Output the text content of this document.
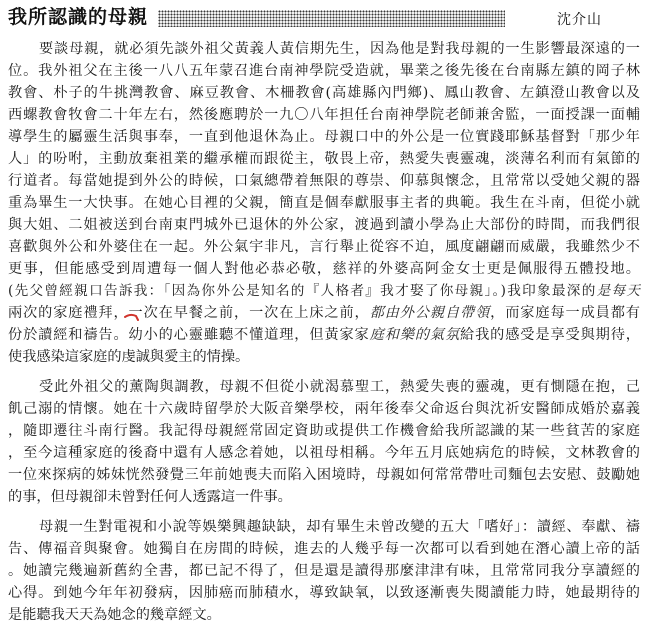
我所認識的母親	沈介山
要談母親，就必須先談外祖父黃義人黃信期先生，因為他是對我母親的一生影響最深遠的一
位。我外祖父在主後一八八五年蒙召進台南神學院受造就，畢業之後先後在台南縣左鎮的岡子林
教會、朴子的牛挑灣教會、麻豆教會、木柵教會(高雄縣內門鄉)、鳳山教會、左鎮澄山教會以及
西螺教會牧會二十年左右，然後應聘於一九〇八年担任台南神學院老師兼舍監，一面授課一面輔
導學生的屬靈生活與事奉，一直到他退休為止。母親口中的外公是一位實踐耶穌基督對「那少年
人」的吩咐，主動放棄祖業的繼承權而跟從主，敬畏上帝，熱愛失喪靈魂，淡薄名利而有氣節的
行道者。每當她提到外公的時候，口氣總帶着無限的尊崇、仰慕與懷念，且常常以受她父親的器
重為畢生一大快事。在她心目裡的父親，簡直是個奉獻服事主者的典範。我生在斗南，但從小就
與大姐、二姐被送到台南東門城外已退休的外公家，渡過到讀小學為止大部份的時間，而我們很
喜歡與外公和外婆住在一起。外公氣宇非凡，言行舉止從容不迫，風度翩翩而威嚴，我雖然少不
更事，但能感受到周遭每一個人對他必恭必敬，慈祥的外婆高阿金女士更是佩服得五體投地。
(先父曾經親口告訴我：「因為你外公是知名的『人格者』我才娶了你母親」。)我印象最深的是每天
兩次的家庭禮拜，一次在早餐之前，一次在上床之前，都由外公親自帶領，而家庭每一成員都有
份於讀經和禱告。幼小的心靈雖聽不懂道理，但黃家家庭和樂的氣氛給我的感受是享受與期待，
使我感染這家庭的虔誠與愛主的情操。
受此外祖父的薰陶與調教，母親不但從小就渴慕聖工，熱愛失喪的靈魂，更有惻隱在抱，己
飢己溺的情懷。她在十六歲時留學於大阪音樂學校，兩年後奉父命返台與沈祈安醫師成婚於嘉義
，隨即遷往斗南行醫。我記得母親經常固定資助或提供工作機會給我所認識的某一些貧苦的家庭
，至今這種家庭的後裔中還有人感念着她，以祖母相稱。今年五月底她病危的時候，文林教會的
一位來探病的姊妹恍然發覺三年前她喪夫而陷入困境時，母親如何常常帶吐司麵包去安慰、鼓勵她
的事，但母親卻未曾對任何人透露這一件事。
母親一生對電視和小說等娛樂興趣缺缺，却有畢生未曾改變的五大「嗜好」：讀經、奉獻、禱
告、傳福音與聚會。她獨自在房間的時候，進去的人幾乎每一次都可以看到她在潛心讀上帝的話
。她讀完幾遍新舊約全書，都已記不得了，但是還是讀得那麼津津有味，且常常同我分享讀經的
心得。到她今年年初發病，因肺癌而肺積水，導致缺氧，以致逐漸喪失閱讀能力時，她最期待的
是能聽我天天為她念的幾章經文。
